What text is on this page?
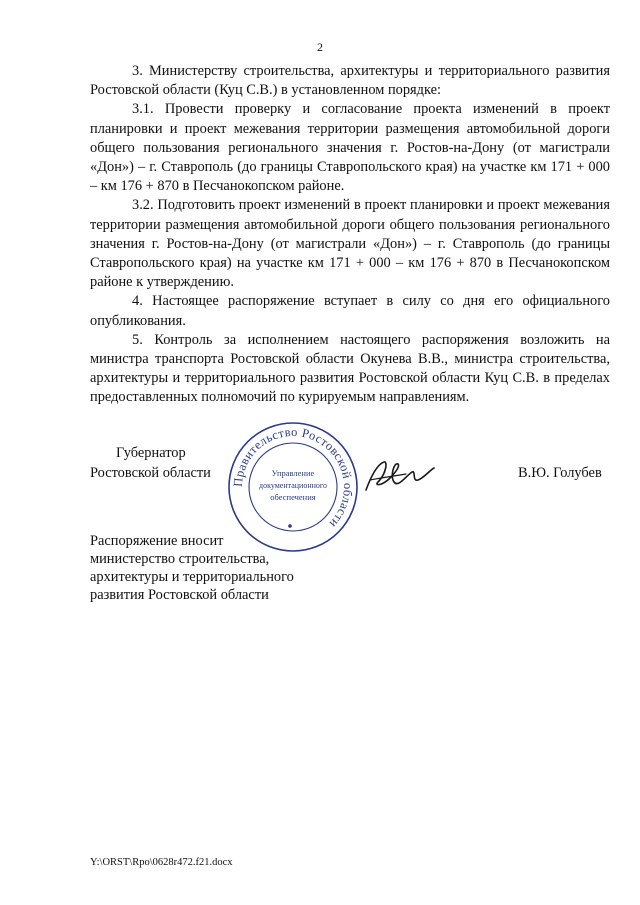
2

3. Министерству строительства, архитектуры и территориального развития Ростовской области (Куц С.В.) в установленном порядке:

3.1. Провести проверку и согласование проекта изменений в проект планировки и проект межевания территории размещения автомобильной дороги общего пользования регионального значения г. Ростов-на-Дону (от магистрали «Дон») – г. Ставрополь (до границы Ставропольского края) на участке км 171 + 000 – км 176 + 870 в Песчанокопском районе.

3.2. Подготовить проект изменений в проект планировки и проект межевания территории размещения автомобильной дороги общего пользования регионального значения г. Ростов-на-Дону (от магистрали «Дон») – г. Ставрополь (до границы Ставропольского края) на участке км 171 + 000 – км 176 + 870 в Песчанокопском районе к утверждению.

4. Настоящее распоряжение вступает в силу со дня его официального опубликования.

5. Контроль за исполнением настоящего распоряжения возложить на министра транспорта Ростовской области Окунева В.В., министра строительства, архитектуры и территориального развития Ростовской области Куц С.В. в пределах предоставленных полномочий по курируемым направлениям.

Губернатор
Ростовской области
Правительство Ростовской области
Управление
документационного
обеспечения
В.Ю. Голубев
Распоряжение вносит
министерство строительства,
архитектуры и территориального
развития Ростовской области
Y:\ORST\Rpo\0628r472.f21.docx
